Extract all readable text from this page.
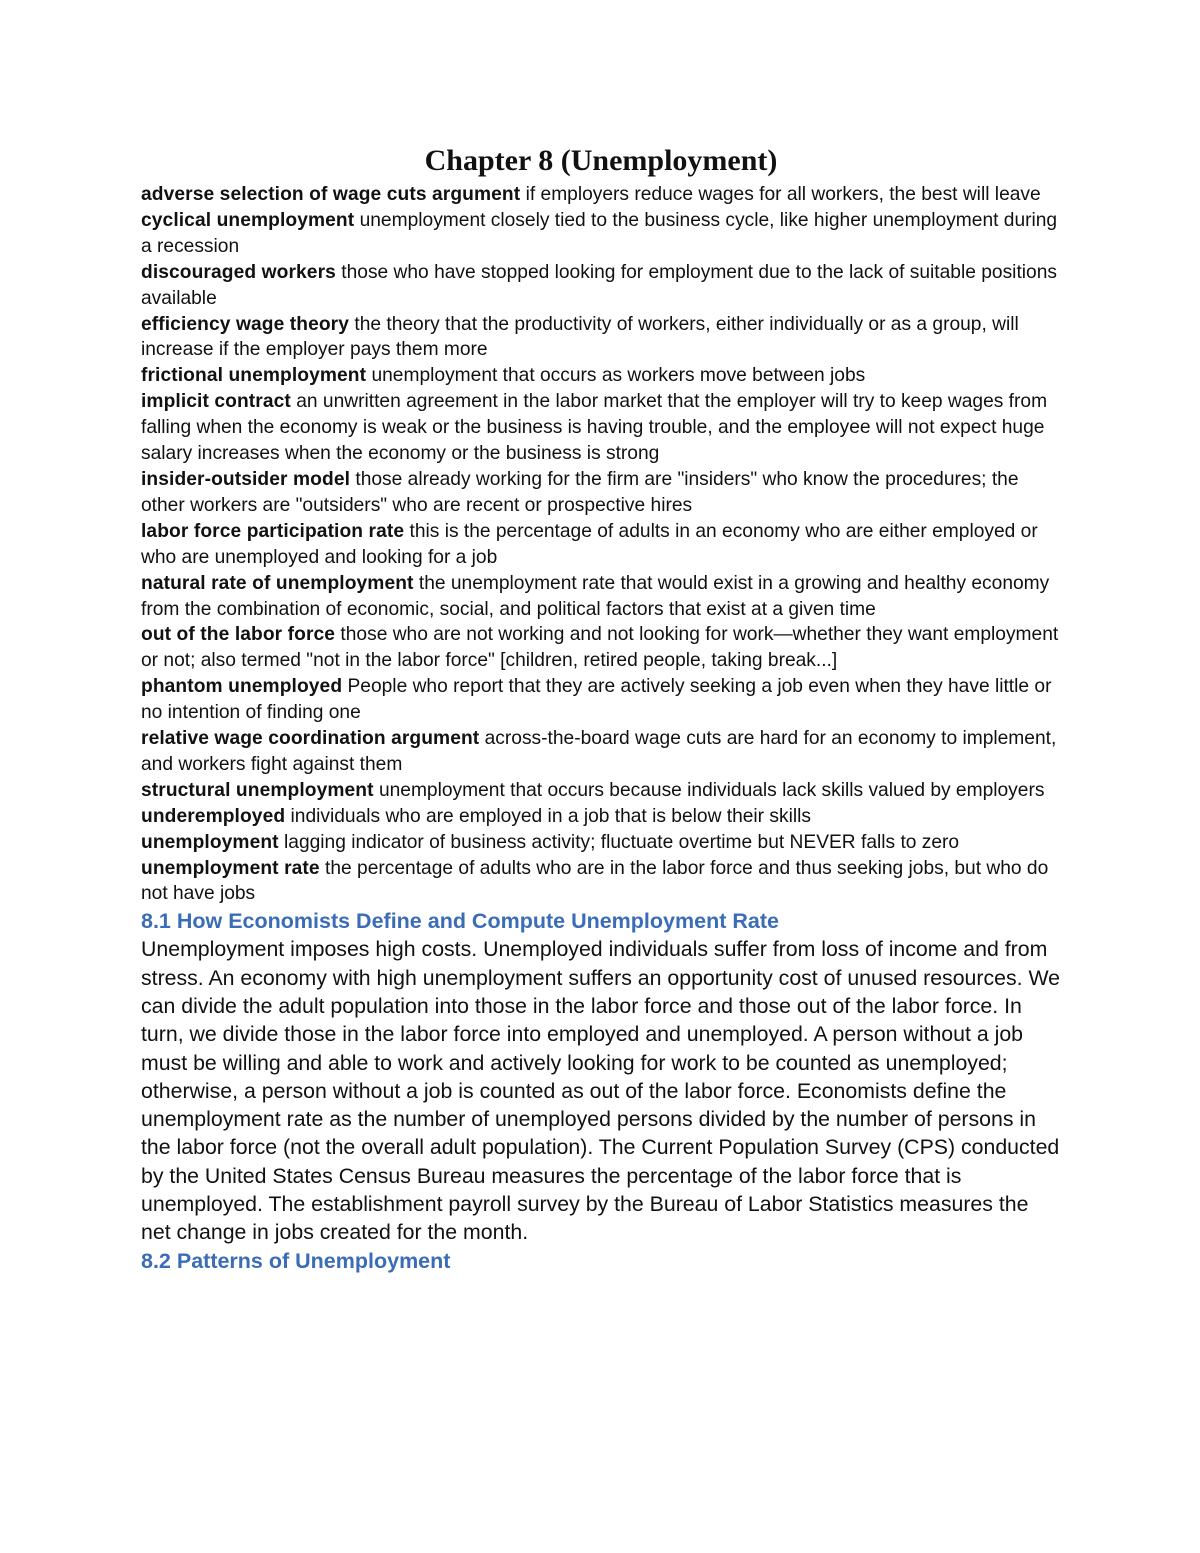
Chapter 8 (Unemployment)

adverse selection of wage cuts argument if employers reduce wages for all workers, the best will leave

cyclical unemployment unemployment closely tied to the business cycle, like higher unemployment during a recession

discouraged workers those who have stopped looking for employment due to the lack of suitable positions available

efficiency wage theory the theory that the productivity of workers, either individually or as a group, will increase if the employer pays them more

frictional unemployment unemployment that occurs as workers move between jobs

implicit contract an unwritten agreement in the labor market that the employer will try to keep wages from falling when the economy is weak or the business is having trouble, and the employee will not expect huge salary increases when the economy or the business is strong

insider-outsider model those already working for the firm are "insiders" who know the procedures; the other workers are "outsiders" who are recent or prospective hires

labor force participation rate this is the percentage of adults in an economy who are either employed or who are unemployed and looking for a job

natural rate of unemployment the unemployment rate that would exist in a growing and healthy economy from the combination of economic, social, and political factors that exist at a given time

out of the labor force those who are not working and not looking for work—whether they want employment or not; also termed "not in the labor force" [children, retired people, taking break...]

phantom unemployed People who report that they are actively seeking a job even when they have little or no intention of finding one

relative wage coordination argument across-the-board wage cuts are hard for an economy to implement, and workers fight against them

structural unemployment unemployment that occurs because individuals lack skills valued by employers

underemployed individuals who are employed in a job that is below their skills

unemployment lagging indicator of business activity; fluctuate overtime but NEVER falls to zero

unemployment rate the percentage of adults who are in the labor force and thus seeking jobs, but who do not have jobs

8.1 How Economists Define and Compute Unemployment Rate

Unemployment imposes high costs. Unemployed individuals suffer from loss of income and from stress. An economy with high unemployment suffers an opportunity cost of unused resources. We can divide the adult population into those in the labor force and those out of the labor force. In turn, we divide those in the labor force into employed and unemployed. A person without a job must be willing and able to work and actively looking for work to be counted as unemployed; otherwise, a person without a job is counted as out of the labor force. Economists define the unemployment rate as the number of unemployed persons divided by the number of persons in the labor force (not the overall adult population). The Current Population Survey (CPS) conducted by the United States Census Bureau measures the percentage of the labor force that is unemployed. The establishment payroll survey by the Bureau of Labor Statistics measures the net change in jobs created for the month.

8.2 Patterns of Unemployment
